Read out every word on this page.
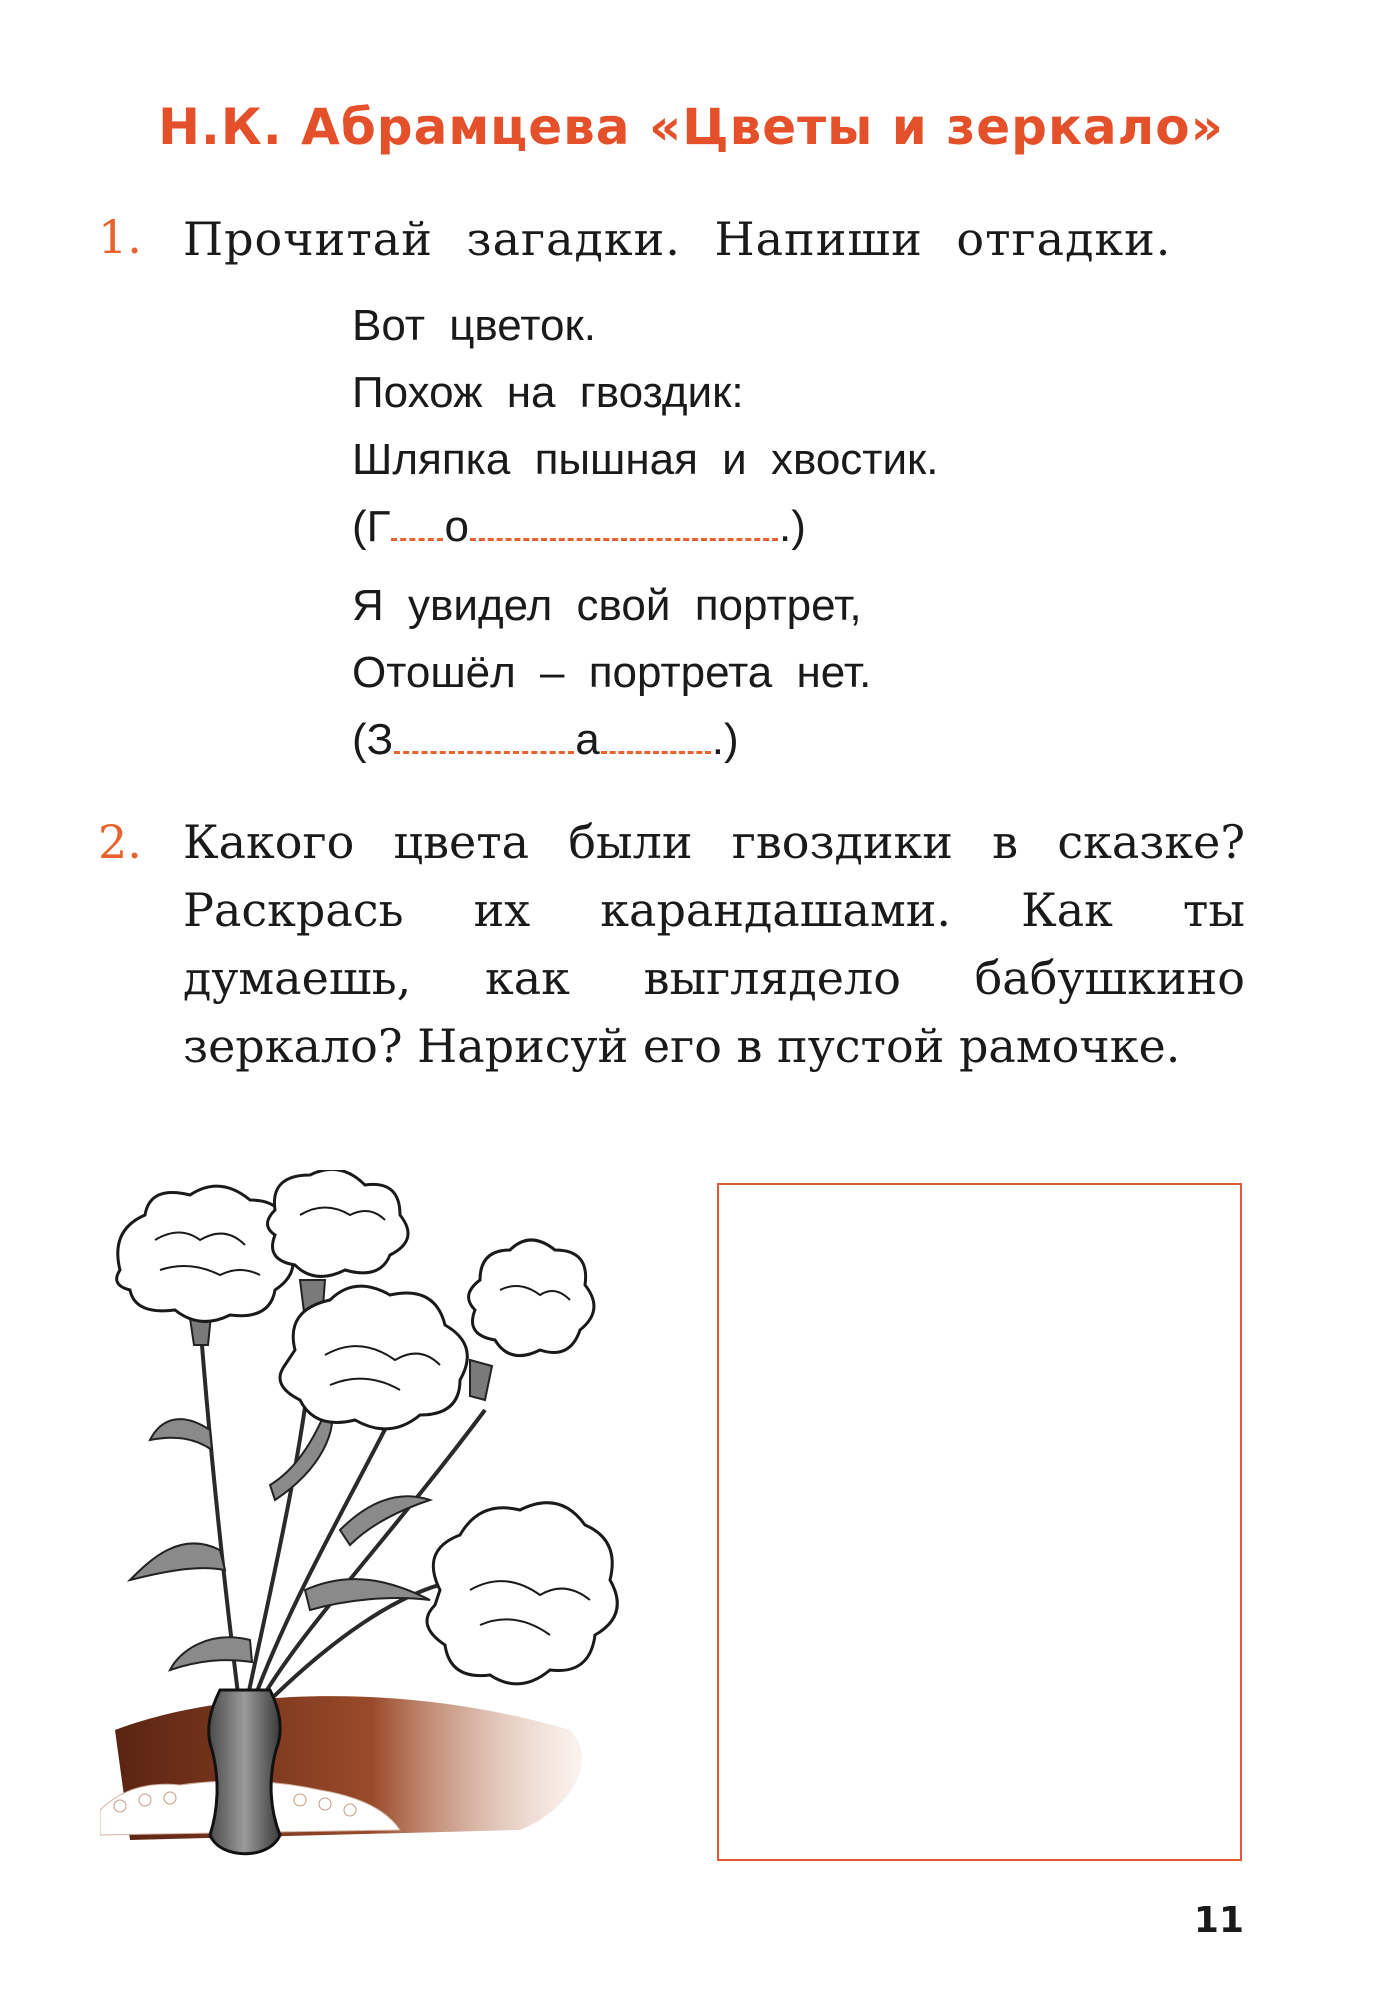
Н.К. Абрамцева «Цветы и зеркало»
1. Прочитай загадки. Напиши отгадки.
Вот цветок.
Похож на гвоздик:
Шляпка пышная и хвостик.
(Г о	.)
Я увидел свой портрет,
Отошёл – портрета нет.
(З	а	.)
2. Какого цвета были гвоздики в сказке? Раскрась их карандашами. Как ты думаешь, как выглядело бабушкино зеркало? Нарисуй его в пустой рамочке.
11
